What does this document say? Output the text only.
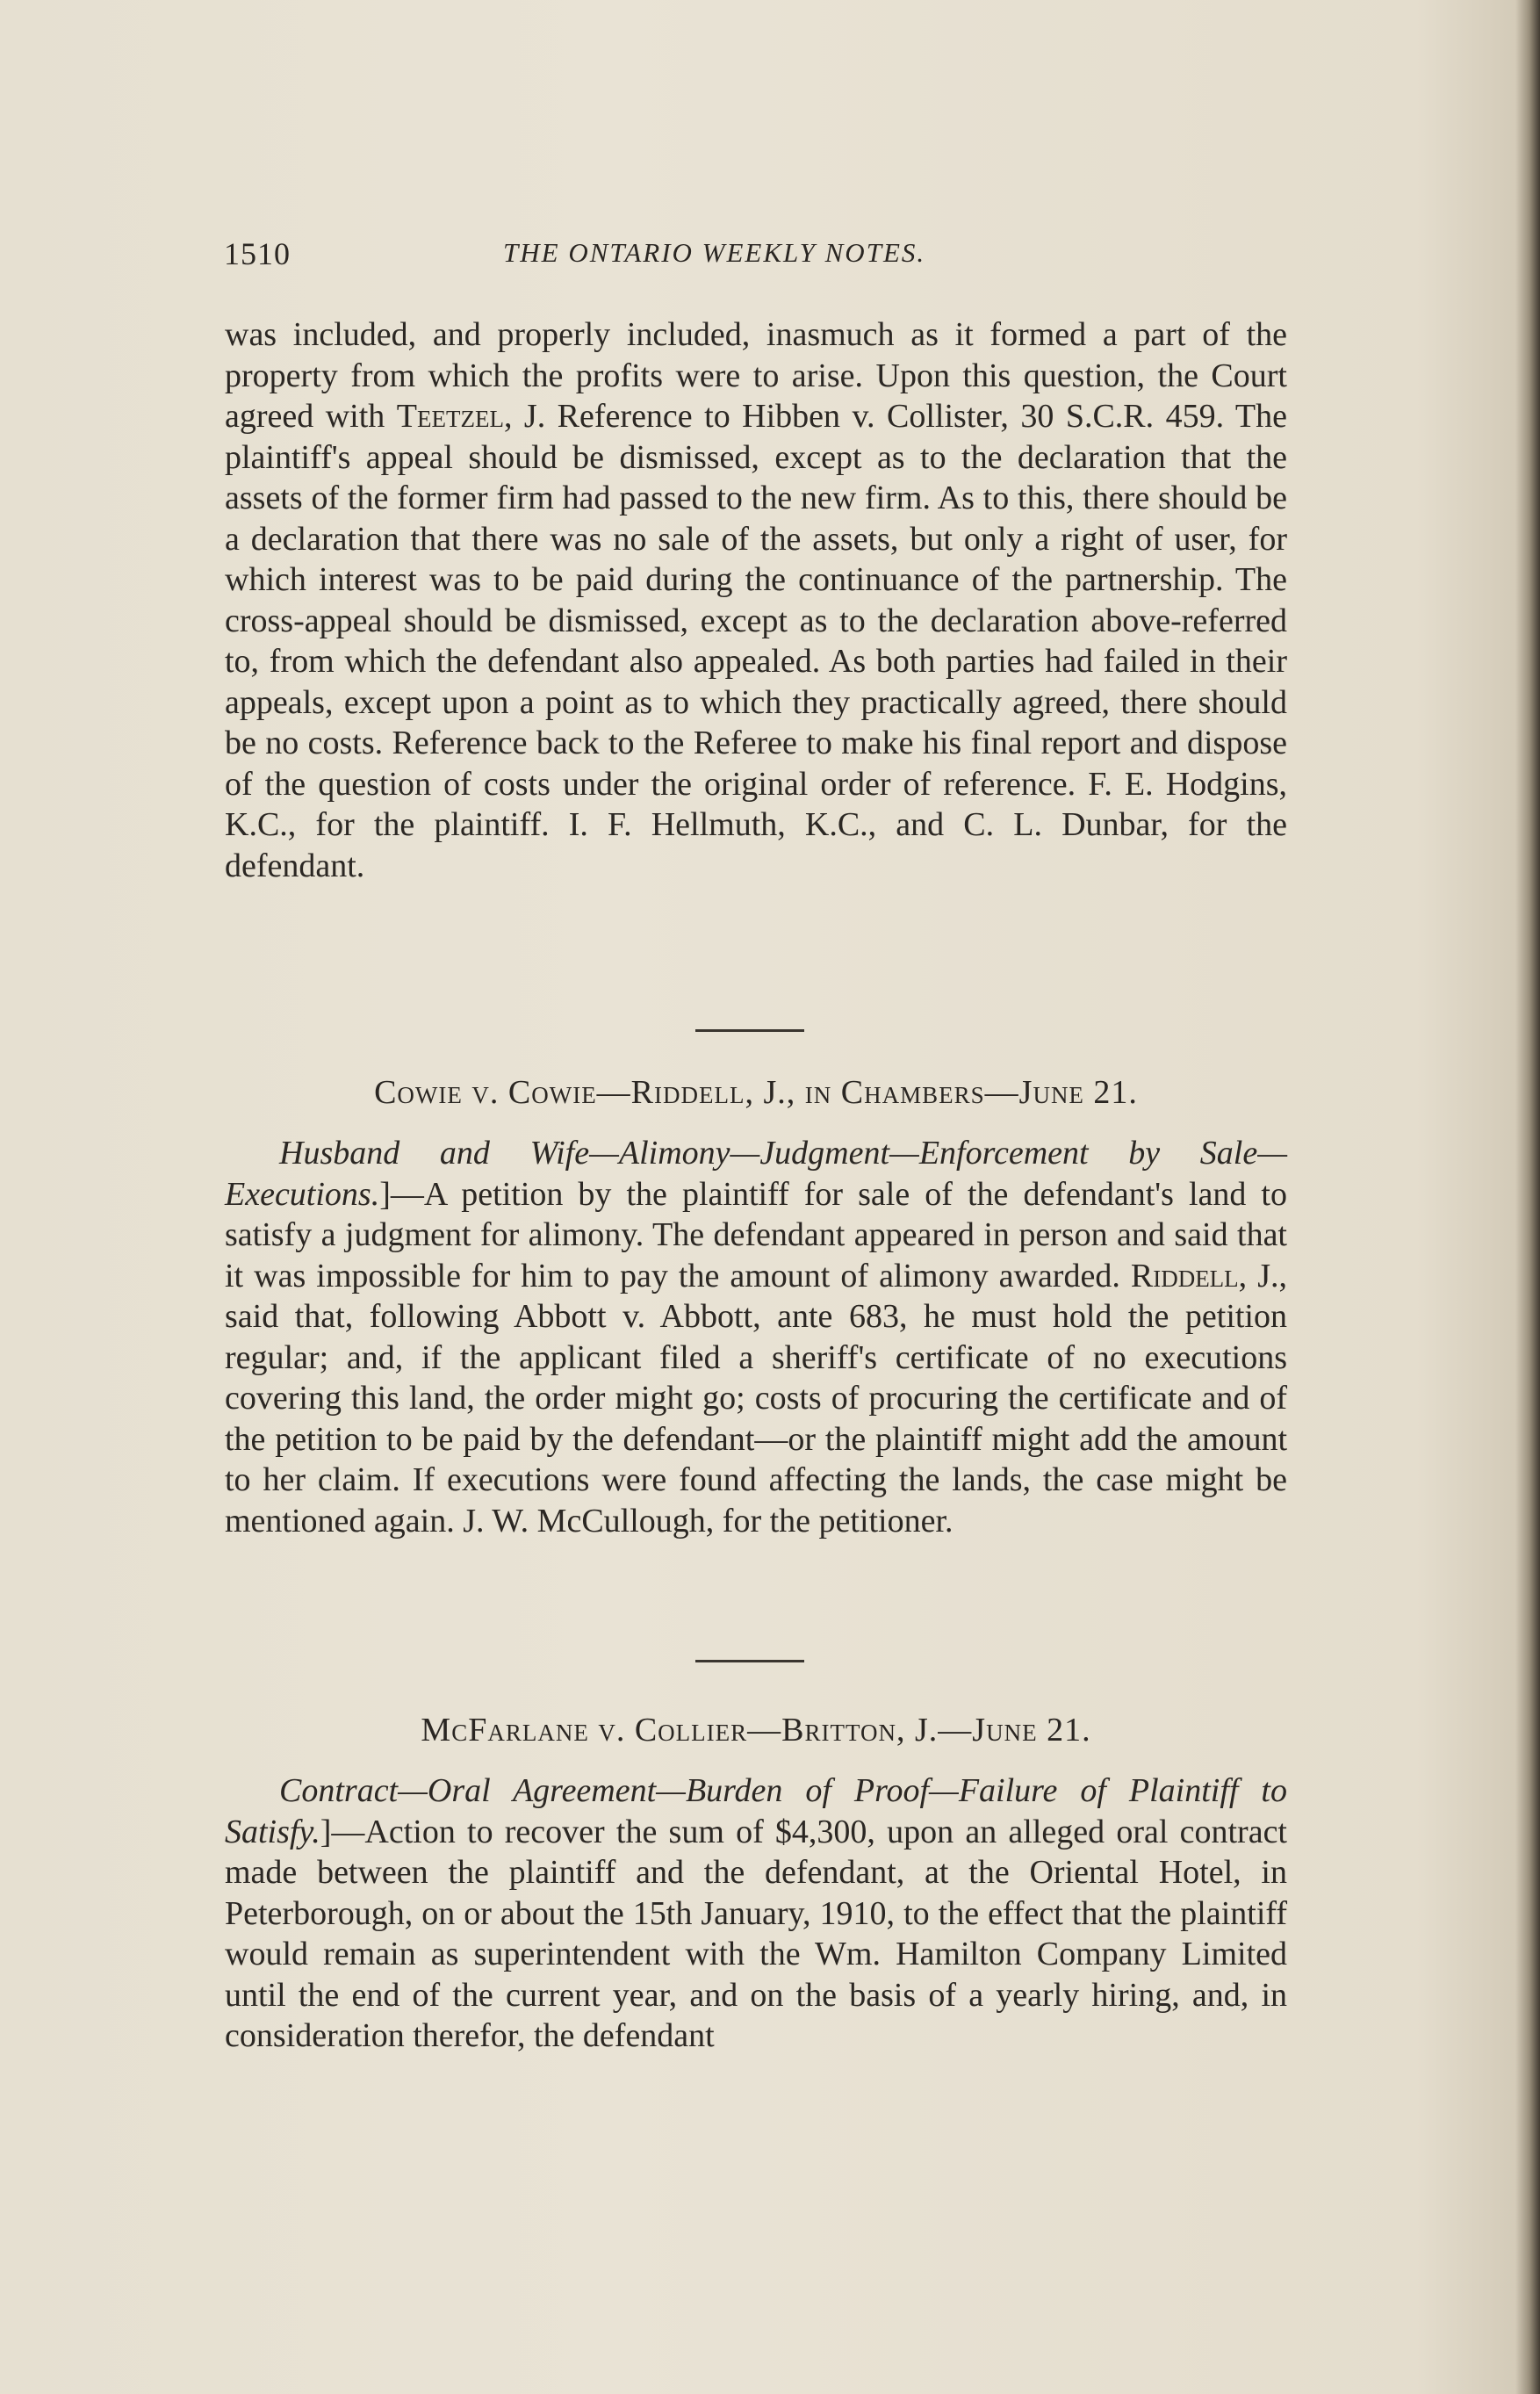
1510	THE ONTARIO WEEKLY NOTES.

was included, and properly included, inasmuch as it formed a part of the property from which the profits were to arise. Upon this question, the Court agreed with Teetzel, J. Reference to Hibben v. Collister, 30 S.C.R. 459. The plaintiff's appeal should be dismissed, except as to the declaration that the assets of the former firm had passed to the new firm. As to this, there should be a declaration that there was no sale of the assets, but only a right of user, for which interest was to be paid during the continuance of the partnership. The cross-appeal should be dismissed, except as to the declaration above-referred to, from which the defendant also appealed. As both parties had failed in their appeals, except upon a point as to which they practically agreed, there should be no costs. Reference back to the Referee to make his final report and dispose of the question of costs under the original order of reference. F. E. Hodgins, K.C., for the plaintiff. I. F. Hellmuth, K.C., and C. L. Dunbar, for the defendant.

Cowie v. Cowie—Riddell, J., in Chambers—June 21.

Husband and Wife—Alimony—Judgment—Enforcement by Sale—Executions.]—A petition by the plaintiff for sale of the defendant's land to satisfy a judgment for alimony. The defendant appeared in person and said that it was impossible for him to pay the amount of alimony awarded. Riddell, J., said that, following Abbott v. Abbott, ante 683, he must hold the petition regular; and, if the applicant filed a sheriff's certificate of no executions covering this land, the order might go; costs of procuring the certificate and of the petition to be paid by the defendant—or the plaintiff might add the amount to her claim. If executions were found affecting the lands, the case might be mentioned again. J. W. McCullough, for the petitioner.

McFarlane v. Collier—Britton, J.—June 21.

Contract—Oral Agreement—Burden of Proof—Failure of Plaintiff to Satisfy.]—Action to recover the sum of $4,300, upon an alleged oral contract made between the plaintiff and the defendant, at the Oriental Hotel, in Peterborough, on or about the 15th January, 1910, to the effect that the plaintiff would remain as superintendent with the Wm. Hamilton Company Limited until the end of the current year, and on the basis of a yearly hiring, and, in consideration therefor, the defendant
